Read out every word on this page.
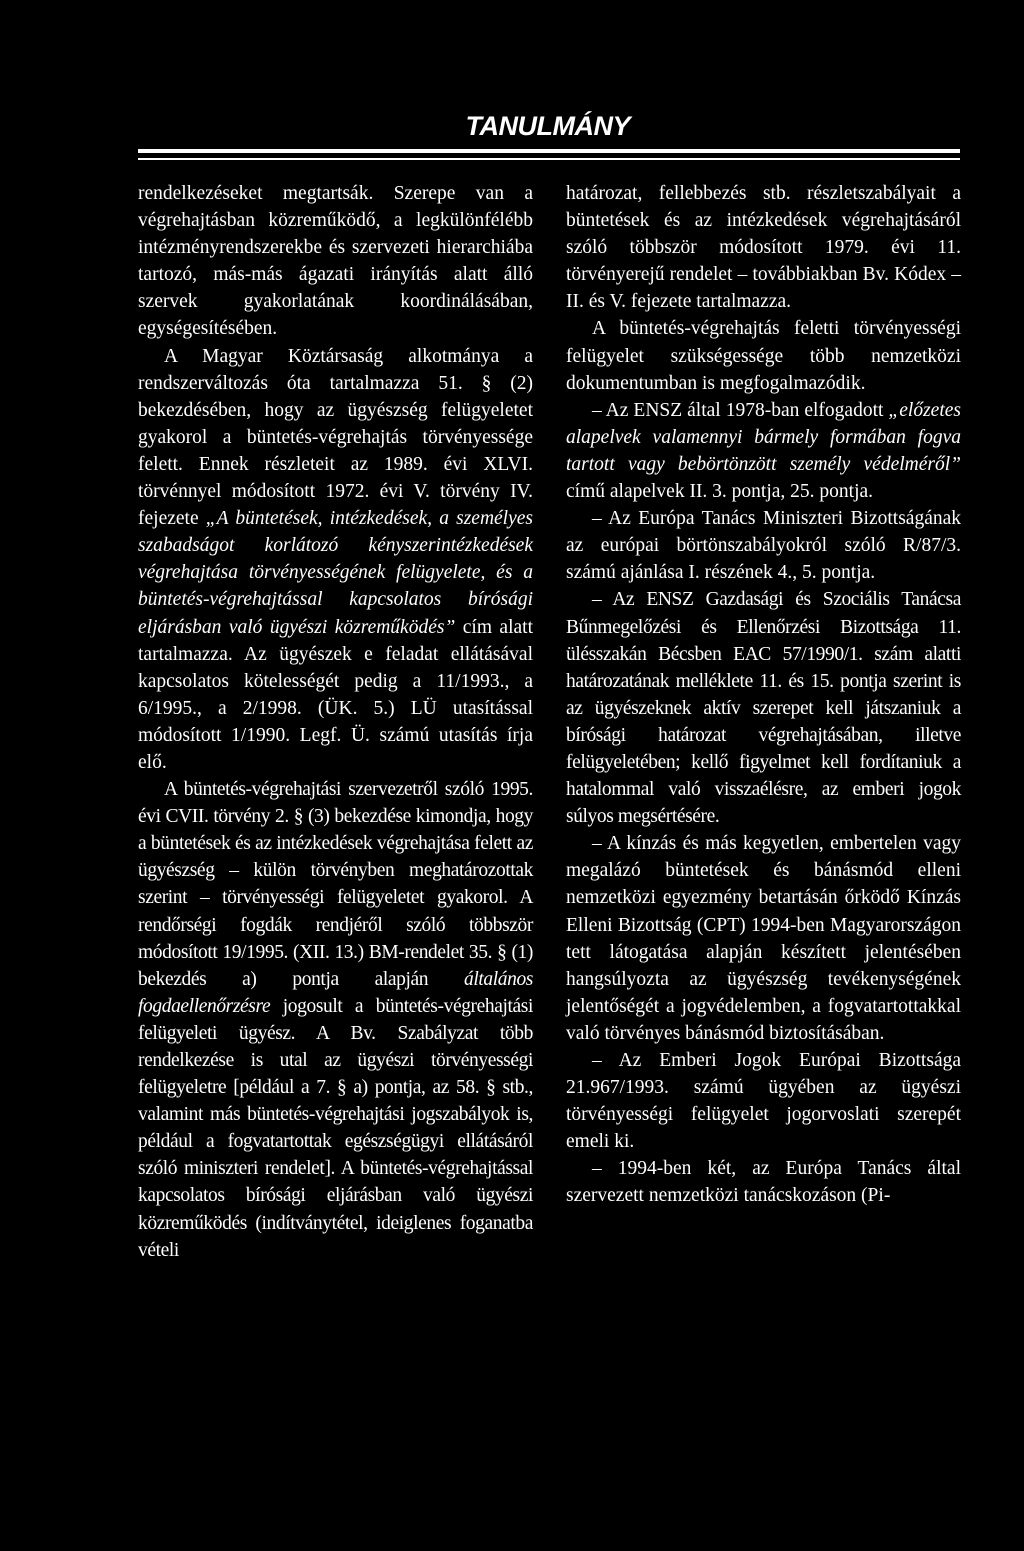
TANULMÁNY

rendelkezéseket megtartsák. Szerepe van a végrehajtásban közreműködő, a legkülönfélébb intézményrendszerekbe és szervezeti hierarchiába tartozó, más-más ágazati irányítás alatt álló szervek gyakorlatának koordinálásában, egységesítésében.

A Magyar Köztársaság alkotmánya a rendszerváltozás óta tartalmazza 51. § (2) bekezdésében, hogy az ügyészség felügyeletet gyakorol a büntetés-végrehajtás törvényessége felett. Ennek részleteit az 1989. évi XLVI. törvénnyel módosított 1972. évi V. törvény IV. fejezete „A büntetések, intézkedések, a személyes szabadságot korlátozó kényszerintézkedések végrehajtása törvényességének felügyelete, és a büntetés-végrehajtással kapcsolatos bírósági eljárásban való ügyészi közreműködés” cím alatt tartalmazza. Az ügyészek e feladat ellátásával kapcsolatos kötelességét pedig a 11/1993., a 6/1995., a 2/1998. (ÜK. 5.) LÜ utasítással módosított 1/1990. Legf. Ü. számú utasítás írja elő.

A büntetés-végrehajtási szervezetről szóló 1995. évi CVII. törvény 2. § (3) bekezdése kimondja, hogy a büntetések és az intézkedések végrehajtása felett az ügyészség – külön törvényben meghatározottak szerint – törvényességi felügyeletet gyakorol. A rendőrségi fogdák rendjéről szóló többször módosított 19/1995. (XII. 13.) BM-rendelet 35. § (1) bekezdés a) pontja alapján általános fogdaellenőrzésre jogosult a büntetés-végrehajtási felügyeleti ügyész. A Bv. Szabályzat több rendelkezése is utal az ügyészi törvényességi felügyeletre [például a 7. § a) pontja, az 58. § stb., valamint más büntetés-végrehajtási jogszabályok is, például a fogvatartottak egészségügyi ellátásáról szóló miniszteri rendelet]. A büntetés-végrehajtással kapcsolatos bírósági eljárásban való ügyészi közreműködés (indítványtétel, ideiglenes foganatba vételi

határozat, fellebbezés stb. részletszabályait a büntetések és az intézkedések végrehajtásáról szóló többször módosított 1979. évi 11. törvényerejű rendelet – továbbiakban Bv. Kódex – II. és V. fejezete tartalmazza.

A büntetés-végrehajtás feletti törvényességi felügyelet szükségessége több nemzetközi dokumentumban is megfogalmazódik.

– Az ENSZ által 1978-ban elfogadott „előzetes alapelvek valamennyi bármely formában fogva tartott vagy bebörtönzött személy védelméről” című alapelvek II. 3. pontja, 25. pontja.

– Az Európa Tanács Miniszteri Bizottságának az európai börtönszabályokról szóló R/87/3. számú ajánlása I. részének 4., 5. pontja.

– Az ENSZ Gazdasági és Szociális Tanácsa Bűnmegelőzési és Ellenőrzési Bizottsága 11. ülésszakán Bécsben EAC 57/1990/1. szám alatti határozatának melléklete 11. és 15. pontja szerint is az ügyészeknek aktív szerepet kell játszaniuk a bírósági határozat végrehajtásában, illetve felügyeletében; kellő figyelmet kell fordítaniuk a hatalommal való visszaélésre, az emberi jogok súlyos megsértésére.

– A kínzás és más kegyetlen, embertelen vagy megalázó büntetések és bánásmód elleni nemzetközi egyezmény betartásán őrködő Kínzás Elleni Bizottság (CPT) 1994-ben Magyarországon tett látogatása alapján készített jelentésében hangsúlyozta az ügyészség tevékenységének jelentőségét a jogvédelemben, a fogvatartottakkal való törvényes bánásmód biztosításában.

– Az Emberi Jogok Európai Bizottsága 21.967/1993. számú ügyében az ügyészi törvényességi felügyelet jogorvoslati szerepét emeli ki.

– 1994-ben két, az Európa Tanács által szervezett nemzetközi tanácskozáson (Pi-
